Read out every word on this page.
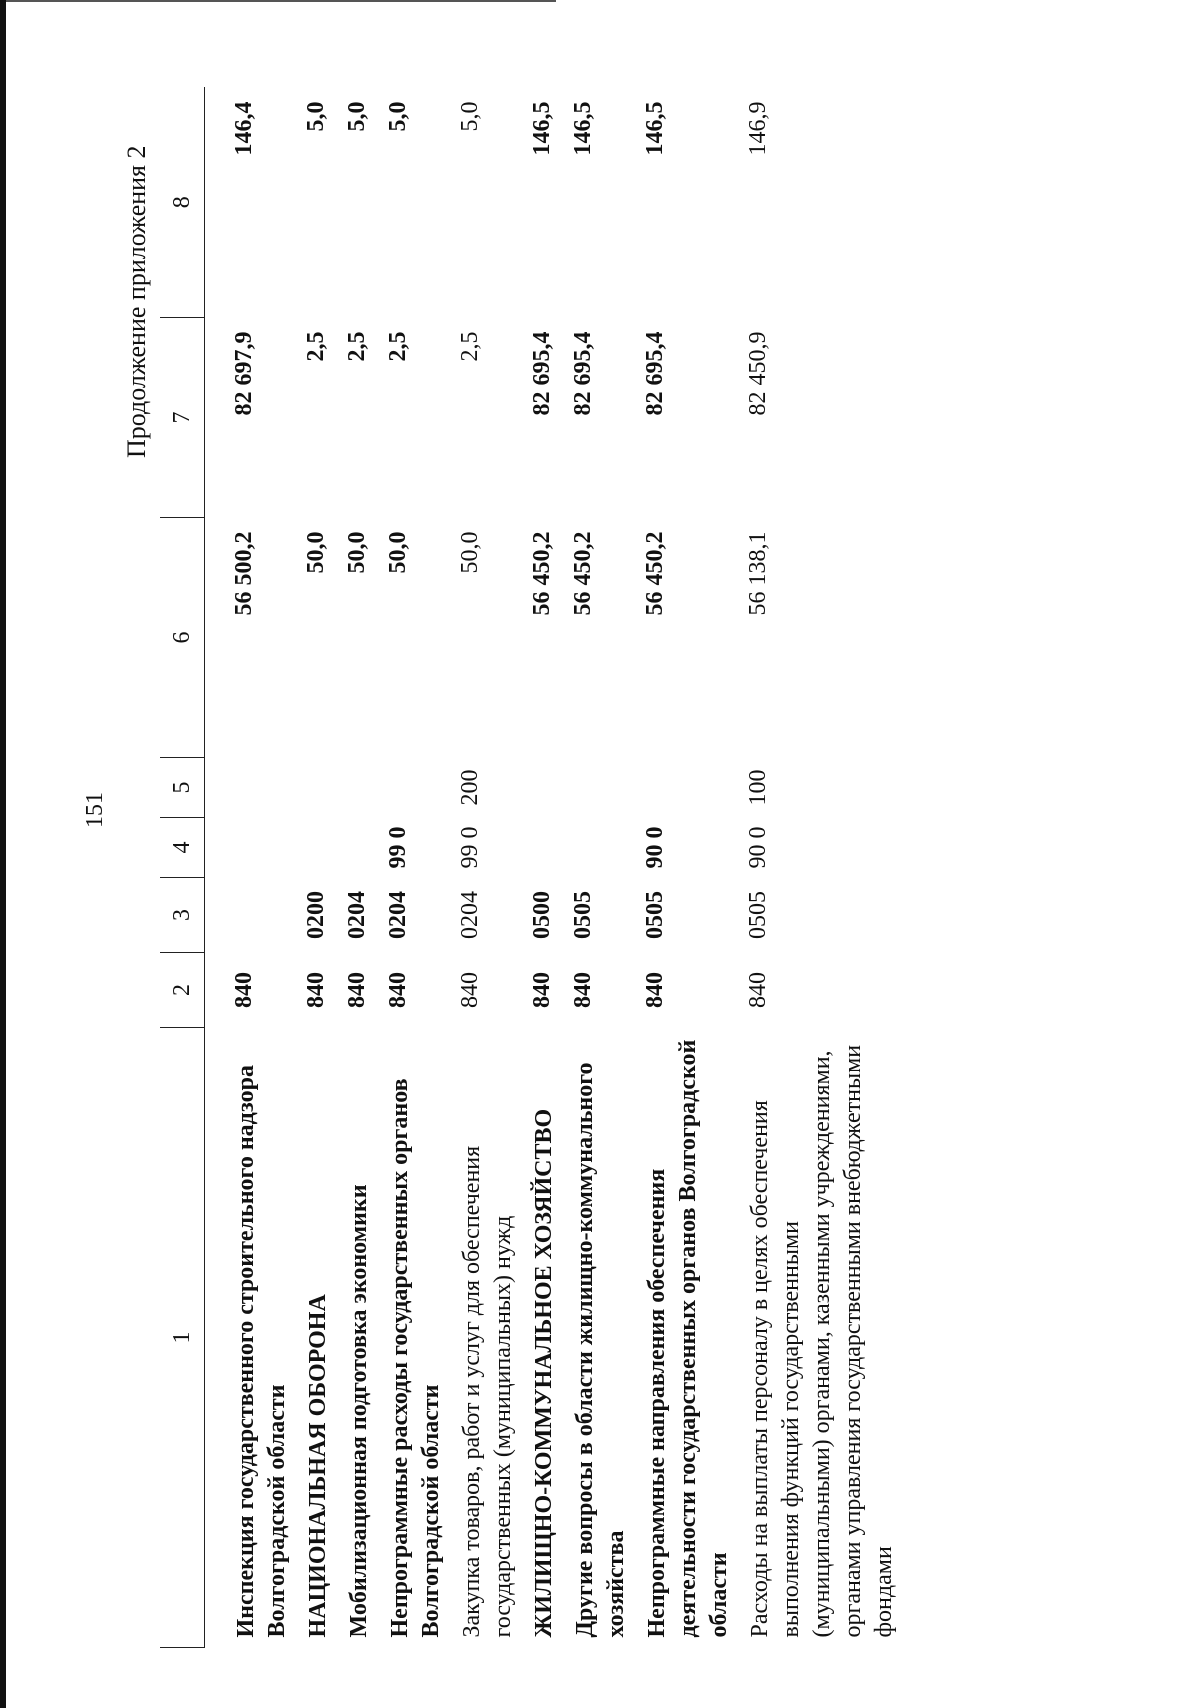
151
Продолжение приложения 2
1	2	3	4	5	6	7	8
Инспекция государственного строительного надзора Волгоградской области	840				56 500,2	82 697,9	146,4
НАЦИОНАЛЬНАЯ ОБОРОНА	840	0200			50,0	2,5	5,0
Мобилизационная подготовка экономики	840	0204			50,0	2,5	5,0
Непрограммные расходы государственных органов Волгоградской области	840	0204	99 0		50,0	2,5	5,0
Закупка товаров, работ и услуг для обеспечения государственных (муниципальных) нужд	840	0204	99 0	200	50,0	2,5	5,0
ЖИЛИЩНО-КОММУНАЛЬНОЕ ХОЗЯЙСТВО	840	0500			56 450,2	82 695,4	146,5
Другие вопросы в области жилищно-коммунального хозяйства	840	0505			56 450,2	82 695,4	146,5
Непрограммные направления обеспечения деятельности государственных органов Волгоградской области	840	0505	90 0		56 450,2	82 695,4	146,5
Расходы на выплаты персоналу в целях обеспечения выполнения функций государственными (муниципальными) органами, казенными учреждениями, органами управления государственными внебюджетными фондами	840	0505	90 0	100	56 138,1	82 450,9	146,9
